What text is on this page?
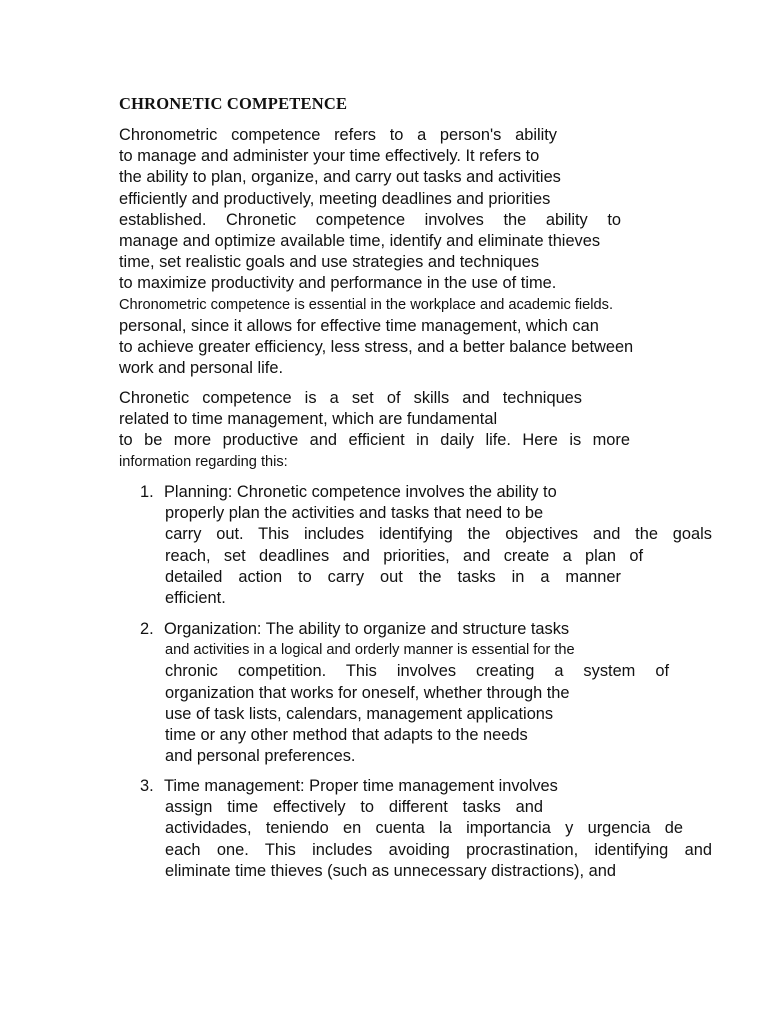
CHRONETIC COMPETENCE
Chronometric competence refers to a person's ability
to manage and administer your time effectively. It refers to
the ability to plan, organize, and carry out tasks and activities
efficiently and productively, meeting deadlines and priorities
established. Chronetic competence involves the ability to
manage and optimize available time, identify and eliminate thieves
time, set realistic goals and use strategies and techniques
to maximize productivity and performance in the use of time.
Chronometric competence is essential in the workplace and academic fields.
personal, since it allows for effective time management, which can
to achieve greater efficiency, less stress, and a better balance between
work and personal life.
Chronetic competence is a set of skills and techniques
related to time management, which are fundamental
to be more productive and efficient in daily life. Here is more
information regarding this:
1. Planning: Chronetic competence involves the ability to
properly plan the activities and tasks that need to be
carry out. This includes identifying the objectives and the goals
reach, set deadlines and priorities, and create a plan of
detailed action to carry out the tasks in a manner
efficient.
2. Organization: The ability to organize and structure tasks
and activities in a logical and orderly manner is essential for the
chronic competition. This involves creating a system of
organization that works for oneself, whether through the
use of task lists, calendars, management applications
time or any other method that adapts to the needs
and personal preferences.
3. Time management: Proper time management involves
assign time effectively to different tasks and
actividades, teniendo en cuenta la importancia y urgencia de
each one. This includes avoiding procrastination, identifying and
eliminate time thieves (such as unnecessary distractions), and
